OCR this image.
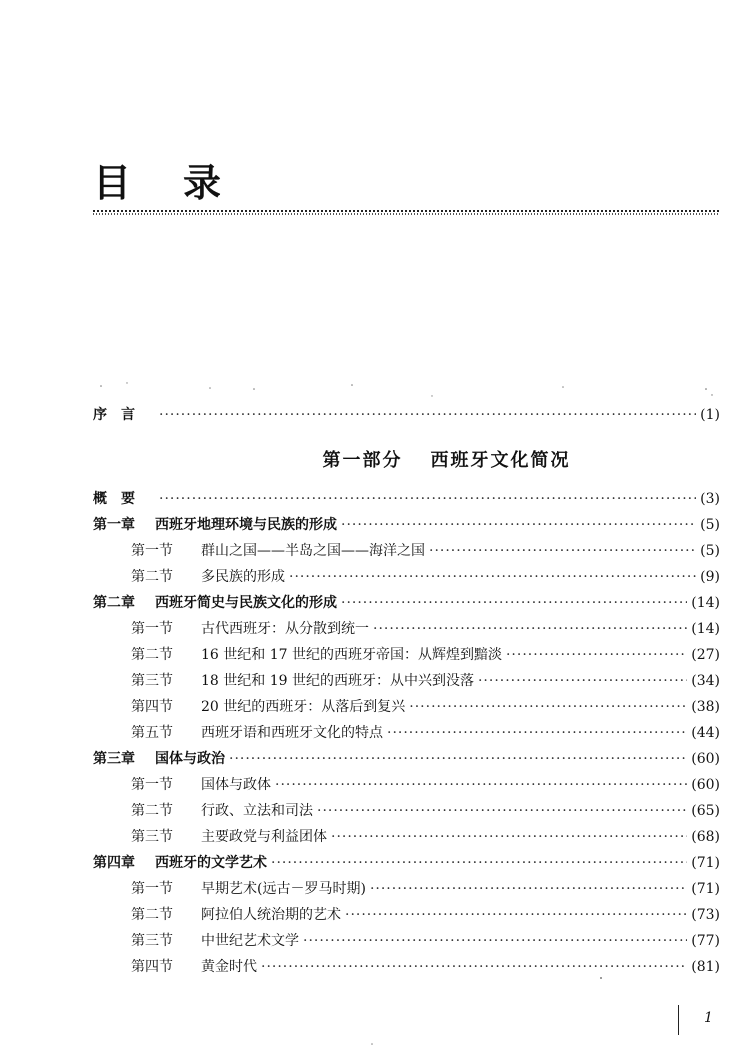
目 录
序　言 ·····	(1)
第一部分 西班牙文化简况
概　要 ·····	(3)
第一章	西班牙地理环境与民族的形成 ·····	(5)
第一节	群山之国——半岛之国——海洋之国 ·····	(5)
第二节	多民族的形成 ·····	(9)
第二章	西班牙简史与民族文化的形成 ·····	(14)
第一节	古代西班牙：从分散到统一 ·····	(14)
第二节	16 世纪和 17 世纪的西班牙帝国：从辉煌到黯淡 ·····	(27)
第三节	18 世纪和 19 世纪的西班牙：从中兴到没落 ·····	(34)
第四节	20 世纪的西班牙：从落后到复兴 ·····	(38)
第五节	西班牙语和西班牙文化的特点 ·····	(44)
第三章	国体与政治 ·····	(60)
第一节	国体与政体 ·····	(60)
第二节	行政、立法和司法 ·····	(65)
第三节	主要政党与利益团体 ·····	(68)
第四章	西班牙的文学艺术 ·····	(71)
第一节	早期艺术(远古－罗马时期) ·····	(71)
第二节	阿拉伯人统治期的艺术 ·····	(73)
第三节	中世纪艺术文学 ·····	(77)
第四节	黄金时代 ·····	(81)
1
